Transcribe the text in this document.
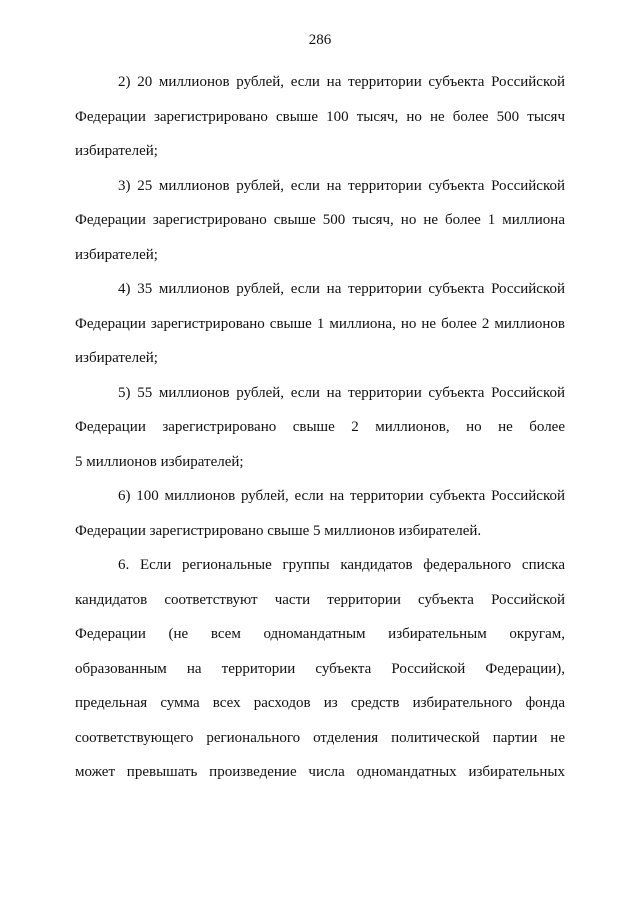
286
2) 20 миллионов рублей, если на территории субъекта Российской
Федерации зарегистрировано свыше 100 тысяч, но не более 500 тысяч
избирателей;
3) 25 миллионов рублей, если на территории субъекта Российской
Федерации зарегистрировано свыше 500 тысяч, но не более 1 миллиона
избирателей;
4) 35 миллионов рублей, если на территории субъекта Российской
Федерации зарегистрировано свыше 1 миллиона, но не более 2 миллионов
избирателей;
5) 55 миллионов рублей, если на территории субъекта Российской
Федерации зарегистрировано свыше 2 миллионов, но не более
5 миллионов избирателей;
6) 100 миллионов рублей, если на территории субъекта Российской
Федерации зарегистрировано свыше 5 миллионов избирателей.
6. Если региональные группы кандидатов федерального списка
кандидатов соответствуют части территории субъекта Российской
Федерации (не всем одномандатным избирательным округам,
образованным на территории субъекта Российской Федерации),
предельная сумма всех расходов из средств избирательного фонда
соответствующего регионального отделения политической партии не
может превышать произведение числа одномандатных избирательных
